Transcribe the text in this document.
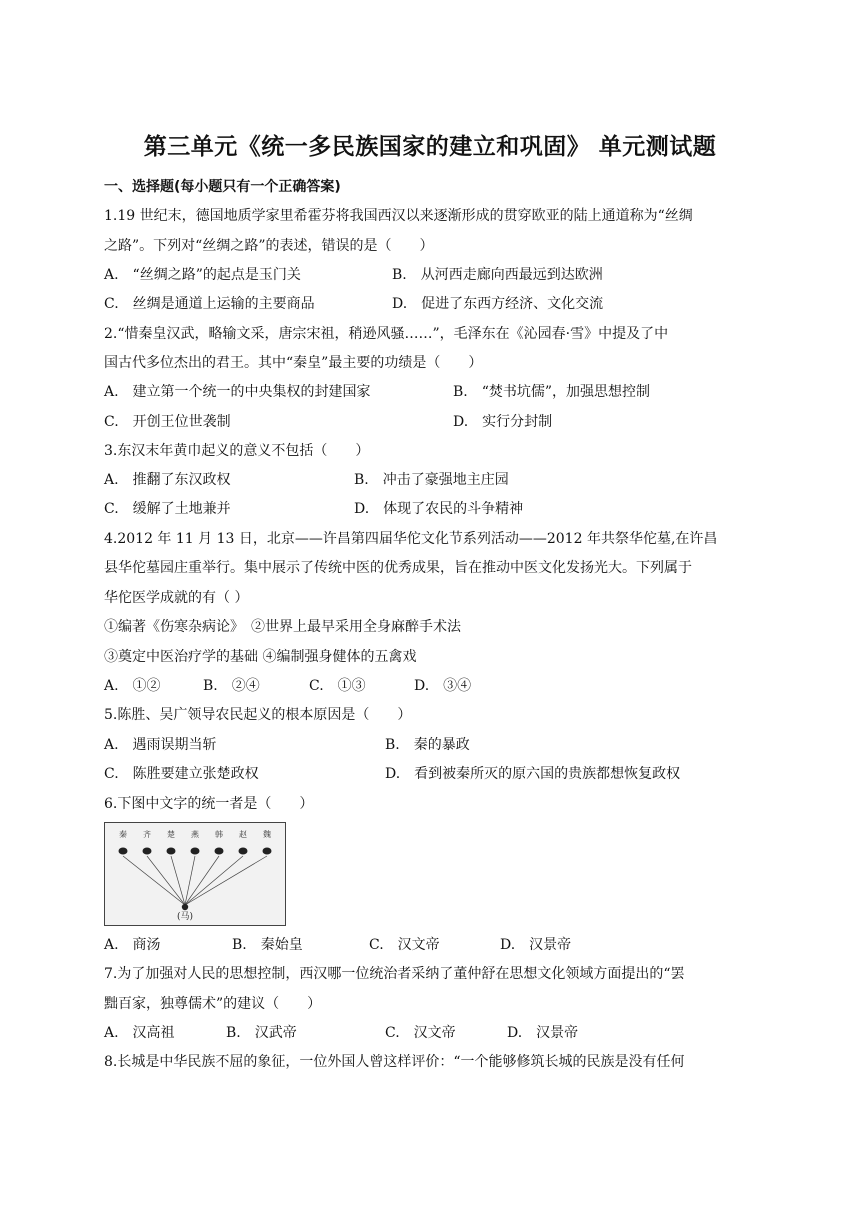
第三单元《统一多民族国家的建立和巩固》 单元测试题
一、选择题(每小题只有一个正确答案)
1.19 世纪末，德国地质学家里希霍芬将我国西汉以来逐渐形成的贯穿欧亚的陆上通道称为“丝绸
之路”。下列对“丝绸之路”的表述，错误的是（　　）
A.　“丝绸之路”的起点是玉门关	B.　从河西走廊向西最远到达欧洲
C.　丝绸是通道上运输的主要商品	D.　促进了东西方经济、文化交流
2.“惜秦皇汉武，略输文采，唐宗宋祖，稍逊风骚……”，毛泽东在《沁园春·雪》中提及了中
国古代多位杰出的君王。其中“秦皇”最主要的功绩是（　　）
A.　建立第一个统一的中央集权的封建国家	B.　“焚书坑儒”，加强思想控制
C.　开创王位世袭制	D.　实行分封制
3.东汉末年黄巾起义的意义不包括（　　）
A.　推翻了东汉政权	B.　冲击了豪强地主庄园
C.　缓解了土地兼并	D.　体现了农民的斗争精神
4.2012 年 11 月 13 日，北京——许昌第四届华佗文化节系列活动——2012 年共祭华佗墓,在许昌
县华佗墓园庄重举行。集中展示了传统中医的优秀成果，旨在推动中医文化发扬光大。下列属于
华佗医学成就的有（ ）
①编著《伤寒杂病论》　②世界上最早采用全身麻醉手术法
③奠定中医治疗学的基础 ④编制强身健体的五禽戏
A.　①②	B.　②④	C.　①③	D.　③④
5.陈胜、吴广领导农民起义的根本原因是（　　）
A.　遇雨误期当斩	B.　秦的暴政
C.　陈胜要建立张楚政权	D.　看到被秦所灭的原六国的贵族都想恢复政权
6.下图中文字的统一者是（　　）
秦 齐 楚 燕 韩 赵 魏
(马)
A.　商汤	B.　秦始皇	C.　汉文帝	D.　汉景帝
7.为了加强对人民的思想控制，西汉哪一位统治者采纳了董仲舒在思想文化领域方面提出的“罢
黜百家，独尊儒术”的建议（　　）
A.　汉高祖	B.　汉武帝	C.　汉文帝	D.　汉景帝
8.长城是中华民族不屈的象征，一位外国人曾这样评价：“一个能够修筑长城的民族是没有任何
